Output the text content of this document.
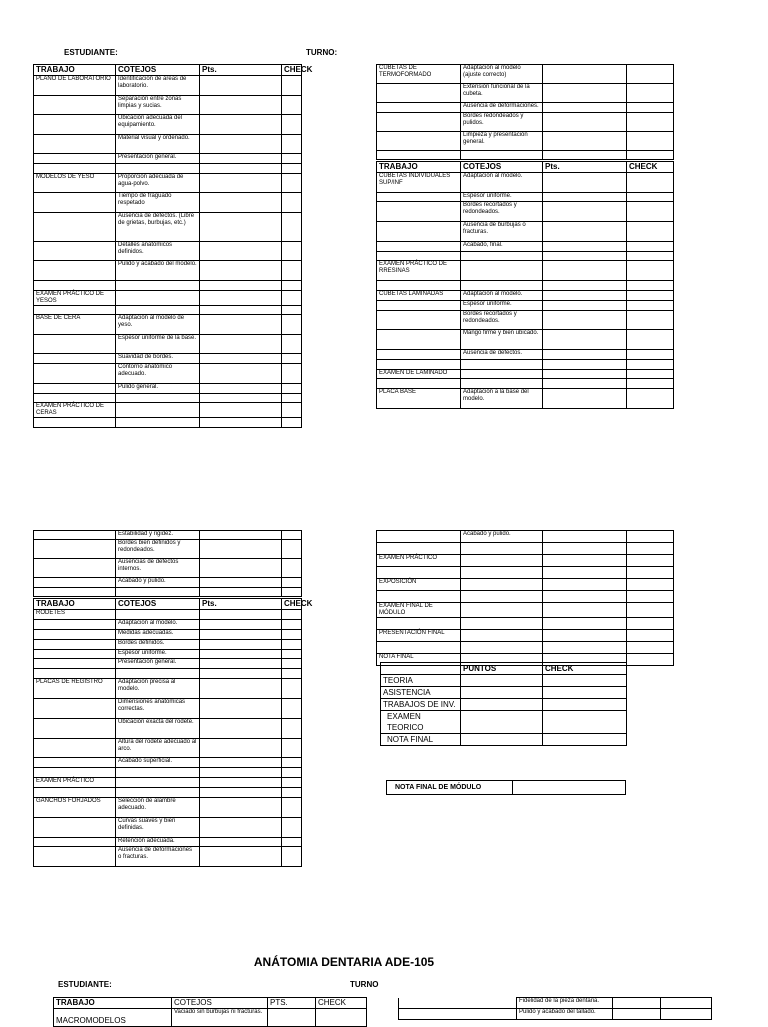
ESTUDIANTE:	TURNO:
TRABAJO	COTEJOS	Pts.	CHECK
PLANO DE LABORATORIO	Identificación de áreas de laboratorio.		
	Separación entre zonas limpias y sucias.		
	Ubicación adecuada del equipamiento.		
	Material visual y ordenado.		
	Presentación general.		

MODELOS DE YESO	Proporción adecuada de agua-polvo.		
	Tiempo de fraguado respetado		
	Ausencia de defectos. (Libre de grietas, burbujas, etc.)		
	Detalles anatómicos definidos.		
	Pulido y acabado del modelo.		

EXAMEN PRÁCTICO DE YESOS			

BASE DE CERA	Adaptación al modelo de yeso.		
	Espesor uniforme de la base.		
	Suavidad de bordes.		
	Contorno anatómico adecuado.		
	Pulido general.		

EXAMEN PRÁCTICO DE CERAS			

CUBETAS DE TERMOFORMADO	Adaptación al modelo (ajuste correcto)		
	Extensión funcional de la cubeta.		
	Ausencia de deformaciones.		
	Bordes redondeados y pulidos.		
	Limpieza y presentación general.		

TRABAJO	COTEJOS	Pts.	CHECK
CUBETAS INDIVIDUALES SUP/INF	Adaptación al modelo.		
	Espesor uniforme.		
	Bordes recortados y redondeados.		
	Ausencia de burbujas o fracturas.		
	Acabado, final.		

EXAMEN PRÁCTICO DE RRESINAS			

CUBETAS LAMINADAS	Adaptación al modelo.		
	Espesor uniforme.		
	Bordes recortados y redondeados.		
	Mango firme y bien ubicado.		
	Ausencia de defectos.		

EXAMEN DE LAMINADO			

PLACA BASE	Adaptación a la base del modelo.		
	Estabilidad y rigidez.		
	Bordes bien definidos y redondeados.		
	Ausencias de defectos internos.		
	Acabado y pulido.		

TRABAJO	COTEJOS	Pts.	CHECK
RODETES			
	Adaptación al modelo.		
	Medidas adecuadas.		
	Bordes definidos.		
	Espesor uniforme.		
	Presentación general.		

PLACAS DE REGISTRO	Adaptación precisa al modelo.		
	Dimensiones anatómicas correctas.		
	Ubicación exacta del rodete.		
	Altura del rodete adecuado al arco.		
	Acabado superficial.		

EXAMEN PRÁCTICO			

GANCHOS FORJADOS	Selección de alambre adecuado.		
	Curvas suaves y bien definidas.		
	Retención adecuada.		
	Ausencia de deformaciones o fracturas.		
	Acabado y pulido.		

EXAMEN PRÁCTICO			

EXPOSICIÓN			

EXAMEN FINAL DE MÓDULO			

PRESENTACIÓN FINAL			

NOTA FINAL			
	PUNTOS	CHECK
TEORIA		
ASISTENCIA		
TRABAJOS DE INV.		
EXAMEN TEORICO		
NOTA FINAL		
NOTA FINAL DE MÓDULO	
ANÁTOMIA DENTARIA ADE-105
ESTUDIANTE:	TURNO
TRABAJO	COTEJOS	PTS.	CHECK
MACROMODELOS	Vaciado sin burbujas ni fracturas.		
	Fidelidad de la pieza dentaria.		
	Pulido y acabado del tallado.		
